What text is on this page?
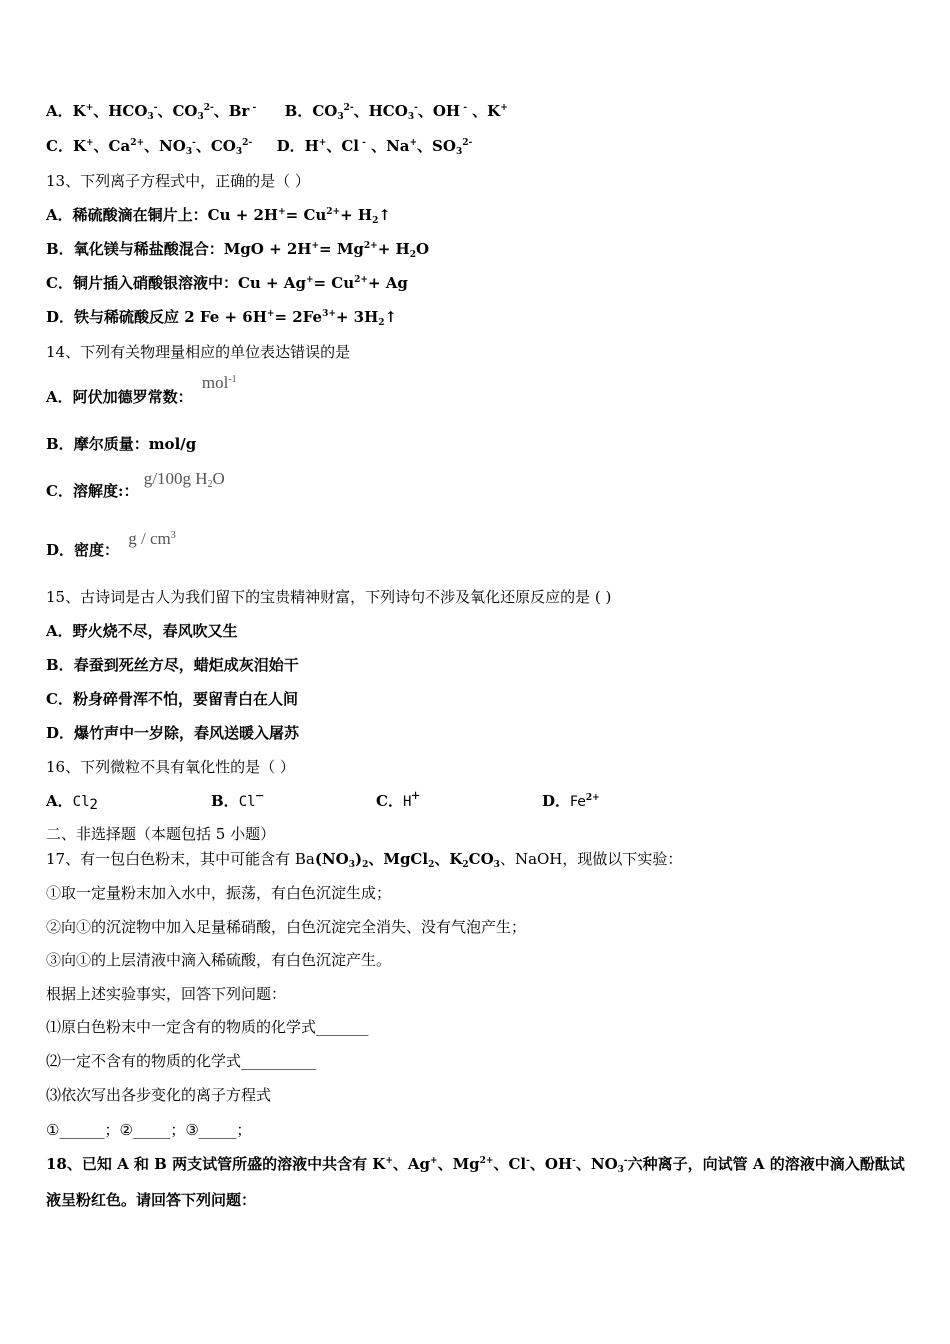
A．K+、$HCO_3^-$、$CO_3^{2-}$、Br - B．$CO_3^{2-}$、$HCO_3^-$、OH - 、K+
C．K+、$Ca^{2+}$、$NO_3^-$、$CO_3^{2-}$ D．H+、Cl - 、Na+、$SO_3^{2-}$
13、下列离子方程式中，正确的是（ ）
A．稀硫酸滴在铜片上：$Cu + 2H^+= Cu^{2+}+$ $H_2↑$
B．氧化镁与稀盐酸混合：MgO + $2H^+= Mg^{2+}+ H_2O$
C．铜片插入硝酸银溶液中：$Cu + Ag^+= Cu^{2+}+ Ag$
D．铁与稀硫酸反应 2 $Fe + 6H^+= 2Fe^{3+}+$ $3H_2↑$
14、下列有关物理量相应的单位表达错误的是
A．阿伏加德罗常数： mol$^{-1}$
B．摩尔质量：mol/g
C．溶解度:： g/100g $H_2O$
D．密度： g / $cm^3$
15、古诗词是古人为我们留下的宝贵精神财富，下列诗句不涉及氧化还原反应的是 ( )
A．野火烧不尽，春风吹又生
B．春蚕到死丝方尽，蜡炬成灰泪始干
C．粉身碎骨浑不怕，要留青白在人间
D．爆竹声中一岁除，春风送暖入屠苏
16、下列微粒不具有氧化性的是（ ）
A．$Cl_2$	B．Cl−	C．H+	D．$Fe^{2+}$
二、非选择题（本题包括 5 小题）
17、有一包白色粉末，其中可能含有 $Ba(NO_3)_2$、MgCl$_2$、$K_2CO_3$、NaOH，现做以下实验：
①取一定量粉末加入水中，振荡，有白色沉淀生成；
②向①的沉淀物中加入足量稀硝酸，白色沉淀完全消失、没有气泡产生；
③向①的上层清液中滴入稀硫酸，有白色沉淀产生。
根据上述实验事实，回答下列问题：
⑴原白色粉末中一定含有的物质的化学式_______
⑵一定不含有的物质的化学式__________
⑶依次写出各步变化的离子方程式
①______；②_____；③_____；
18、已知 A 和 B 两支试管所盛的溶液中共含有 K+、Ag+、$Mg^{2+}$、Cl-、OH-、$NO_3^-$六种离子，向试管 A 的溶液中滴入酚酞试
液呈粉红色。请回答下列问题：
